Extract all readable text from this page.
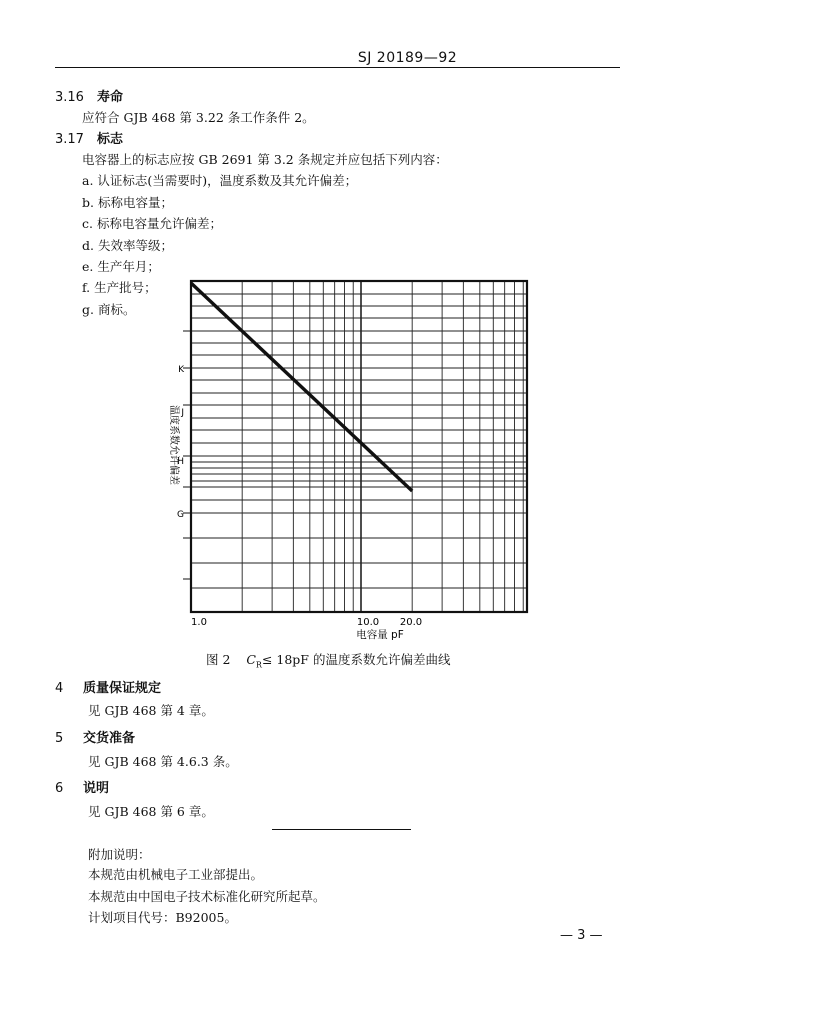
SJ 20189—92
3.16 寿命
应符合 GJB 468 第 3.22 条工作条件 2。
3.17 标志
电容器上的标志应按 GB 2691 第 3.2 条规定并应包括下列内容：
a. 认证标志(当需要时)，温度系数及其允许偏差；
b. 标称电容量；
c. 标称电容量允许偏差；
d. 失效率等级；
e. 生产年月；
f. 生产批号；
g. 商标。
K
J
H
G
温度系数允许偏差
1.0	10.0 20.0
电容量 pF
图 2 $C_R\le 18pF$ 的温度系数允许偏差曲线
4 质量保证规定
见 GJB 468 第 4 章。
5 交货准备
见 GJB 468 第 4.6.3 条。
6 说明
见 GJB 468 第 6 章。
附加说明：
本规范由机械电子工业部提出。
本规范由中国电子技术标准化研究所起草。
计划项目代号：B92005。
— 3 —
